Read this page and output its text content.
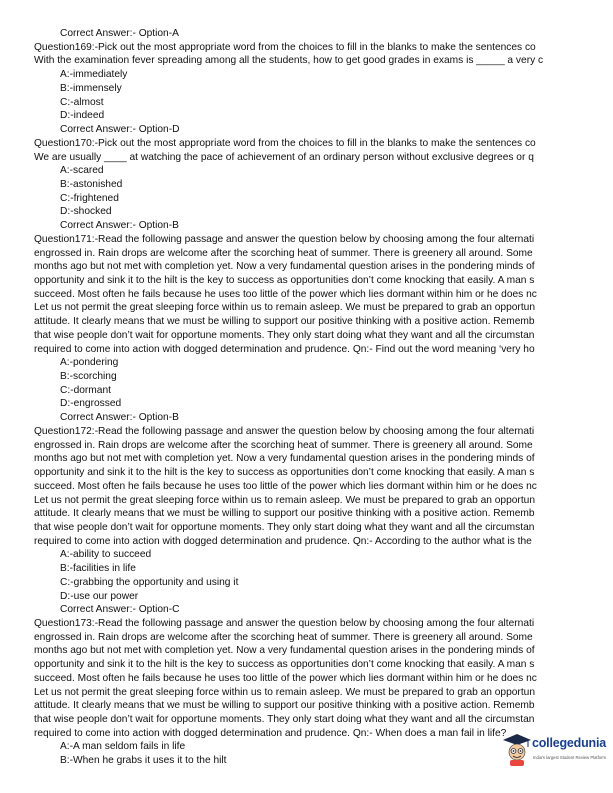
Correct Answer:- Option-A
Question169:-Pick out the most appropriate word from the choices to fill in the blanks to make the sentences co
With the examination fever spreading among all the students, how to get good grades in exams is _____ a very c
A:-immediately
B:-immensely
C:-almost
D:-indeed
Correct Answer:- Option-D
Question170:-Pick out the most appropriate word from the choices to fill in the blanks to make the sentences co
We are usually ____ at watching the pace of achievement of an ordinary person without exclusive degrees or q
A:-scared
B:-astonished
C:-frightened
D:-shocked
Correct Answer:- Option-B
Question171:-Read the following passage and answer the question below by choosing among the four alternati
engrossed in. Rain drops are welcome after the scorching heat of summer. There is greenery all around. Some
months ago but not met with completion yet. Now a very fundamental question arises in the pondering minds of
opportunity and sink it to the hilt is the key to success as opportunities don’t come knocking that easily. A man s
succeed. Most often he fails because he uses too little of the power which lies dormant within him or he does nc
Let us not permit the great sleeping force within us to remain asleep. We must be prepared to grab an opportun
attitude. It clearly means that we must be willing to support our positive thinking with a positive action. Rememb
that wise people don’t wait for opportune moments. They only start doing what they want and all the circumstan
required to come into action with dogged determination and prudence. Qn:- Find out the word meaning ‘very ho
A:-pondering
B:-scorching
C:-dormant
D:-engrossed
Correct Answer:- Option-B
Question172:-Read the following passage and answer the question below by choosing among the four alternati
engrossed in. Rain drops are welcome after the scorching heat of summer. There is greenery all around. Some
months ago but not met with completion yet. Now a very fundamental question arises in the pondering minds of
opportunity and sink it to the hilt is the key to success as opportunities don’t come knocking that easily. A man s
succeed. Most often he fails because he uses too little of the power which lies dormant within him or he does nc
Let us not permit the great sleeping force within us to remain asleep. We must be prepared to grab an opportun
attitude. It clearly means that we must be willing to support our positive thinking with a positive action. Rememb
that wise people don’t wait for opportune moments. They only start doing what they want and all the circumstan
required to come into action with dogged determination and prudence. Qn:- According to the author what is the
A:-ability to succeed
B:-facilities in life
C:-grabbing the opportunity and using it
D:-use our power
Correct Answer:- Option-C
Question173:-Read the following passage and answer the question below by choosing among the four alternati
engrossed in. Rain drops are welcome after the scorching heat of summer. There is greenery all around. Some
months ago but not met with completion yet. Now a very fundamental question arises in the pondering minds of
opportunity and sink it to the hilt is the key to success as opportunities don’t come knocking that easily. A man s
succeed. Most often he fails because he uses too little of the power which lies dormant within him or he does nc
Let us not permit the great sleeping force within us to remain asleep. We must be prepared to grab an opportun
attitude. It clearly means that we must be willing to support our positive thinking with a positive action. Rememb
that wise people don’t wait for opportune moments. They only start doing what they want and all the circumstan
required to come into action with dogged determination and prudence. Qn:- When does a man fail in life?
A:-A man seldom fails in life
B:-When he grabs it uses it to the hilt
collegedunia
India's largest Student Review Platform
